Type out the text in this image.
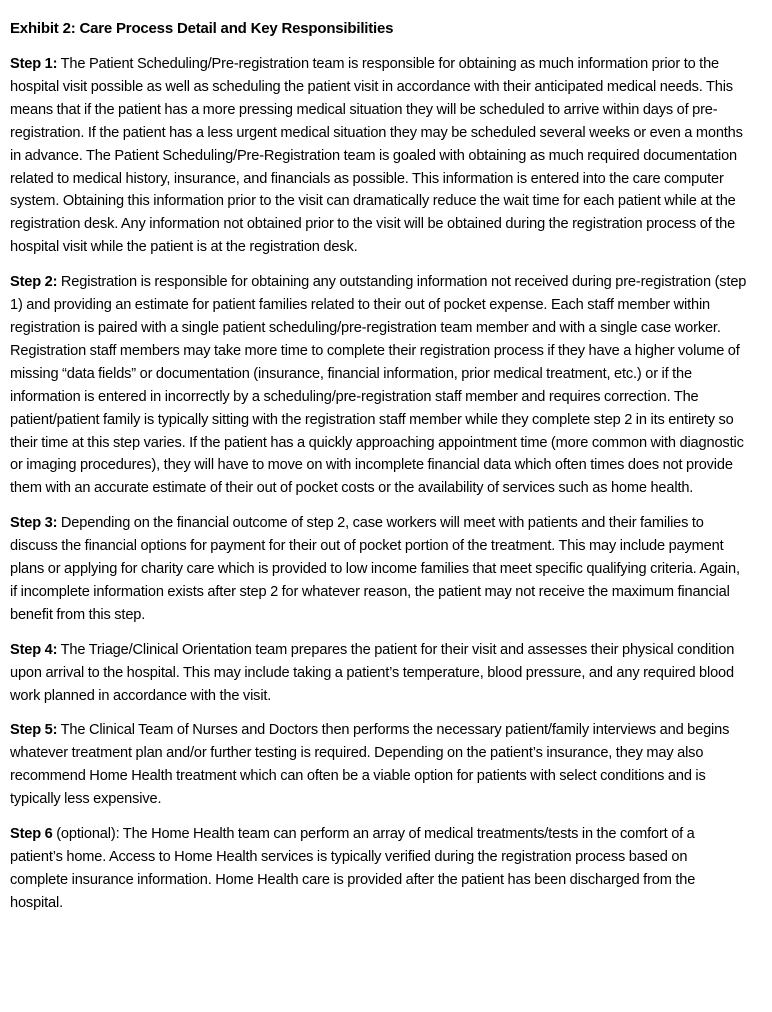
Exhibit 2: Care Process Detail and Key Responsibilities

Step 1: The Patient Scheduling/Pre-registration team is responsible for obtaining as much information prior to the hospital visit possible as well as scheduling the patient visit in accordance with their anticipated medical needs. This means that if the patient has a more pressing medical situation they will be scheduled to arrive within days of pre-registration. If the patient has a less urgent medical situation they may be scheduled several weeks or even a months in advance. The Patient Scheduling/Pre-Registration team is goaled with obtaining as much required documentation related to medical history, insurance, and financials as possible. This information is entered into the care computer system. Obtaining this information prior to the visit can dramatically reduce the wait time for each patient while at the registration desk. Any information not obtained prior to the visit will be obtained during the registration process of the hospital visit while the patient is at the registration desk.

Step 2: Registration is responsible for obtaining any outstanding information not received during pre-registration (step 1) and providing an estimate for patient families related to their out of pocket expense. Each staff member within registration is paired with a single patient scheduling/pre-registration team member and with a single case worker. Registration staff members may take more time to complete their registration process if they have a higher volume of missing “data fields” or documentation (insurance, financial information, prior medical treatment, etc.) or if the information is entered in incorrectly by a scheduling/pre-registration staff member and requires correction. The patient/patient family is typically sitting with the registration staff member while they complete step 2 in its entirety so their time at this step varies. If the patient has a quickly approaching appointment time (more common with diagnostic or imaging procedures), they will have to move on with incomplete financial data which often times does not provide them with an accurate estimate of their out of pocket costs or the availability of services such as home health.

Step 3: Depending on the financial outcome of step 2, case workers will meet with patients and their families to discuss the financial options for payment for their out of pocket portion of the treatment. This may include payment plans or applying for charity care which is provided to low income families that meet specific qualifying criteria. Again, if incomplete information exists after step 2 for whatever reason, the patient may not receive the maximum financial benefit from this step.

Step 4: The Triage/Clinical Orientation team prepares the patient for their visit and assesses their physical condition upon arrival to the hospital. This may include taking a patient’s temperature, blood pressure, and any required blood work planned in accordance with the visit.

Step 5: The Clinical Team of Nurses and Doctors then performs the necessary patient/family interviews and begins whatever treatment plan and/or further testing is required. Depending on the patient’s insurance, they may also recommend Home Health treatment which can often be a viable option for patients with select conditions and is typically less expensive.

Step 6 (optional): The Home Health team can perform an array of medical treatments/tests in the comfort of a patient’s home. Access to Home Health services is typically verified during the registration process based on complete insurance information. Home Health care is provided after the patient has been discharged from the hospital.
